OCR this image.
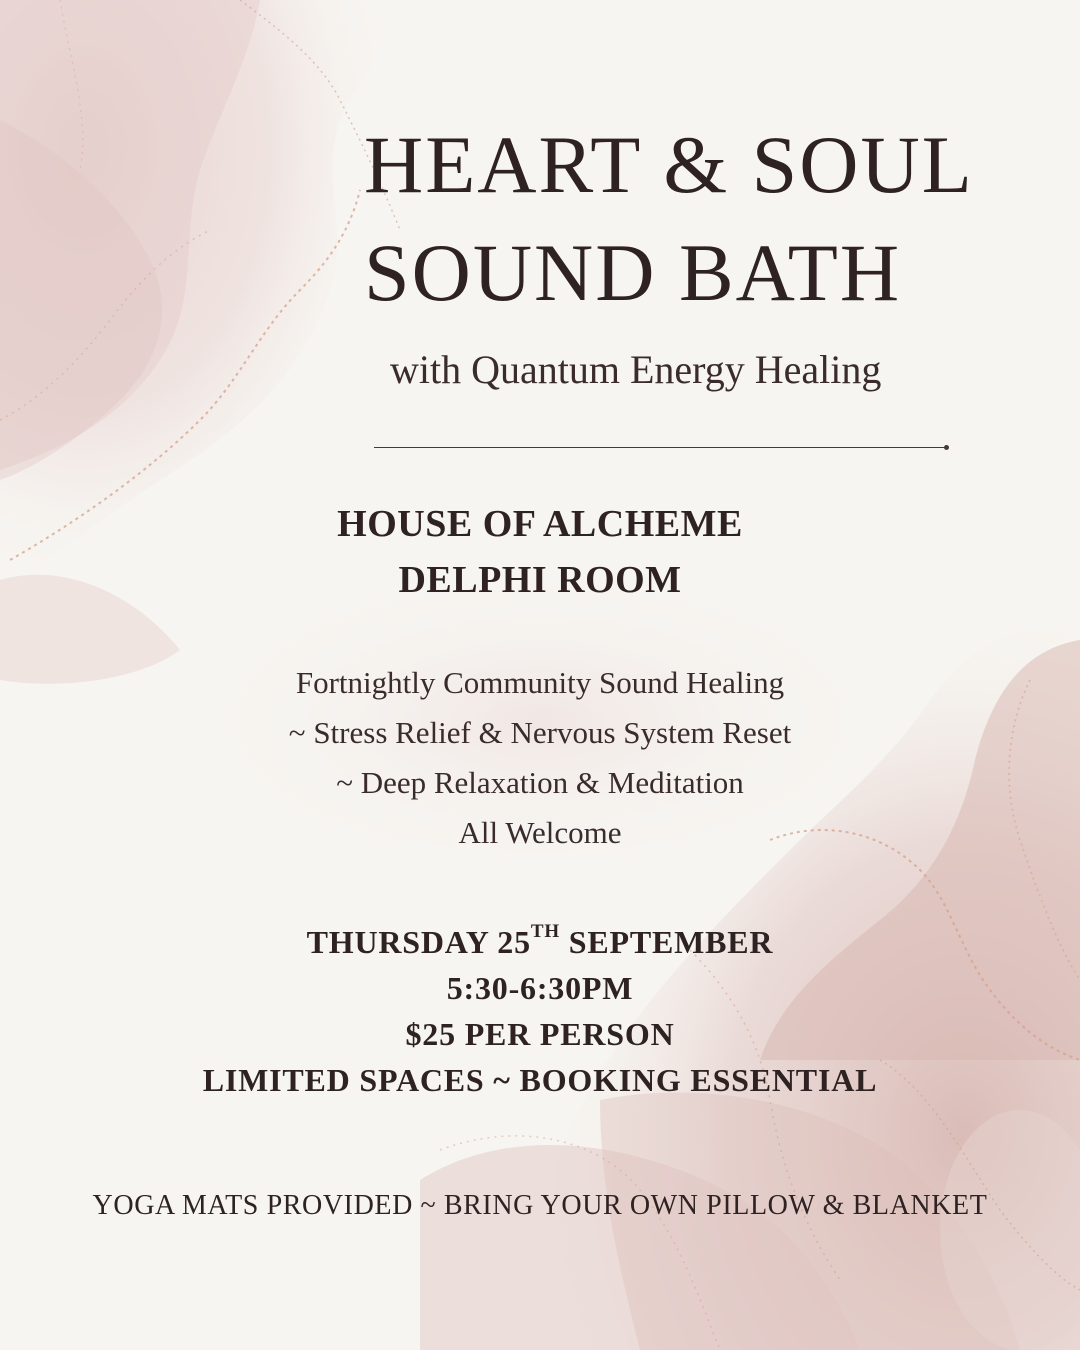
HEART & SOUL
SOUND BATH
with Quantum Energy Healing
HOUSE OF ALCHEME
DELPHI ROOM
Fortnightly Community Sound Healing
~ Stress Relief & Nervous System Reset
~ Deep Relaxation & Meditation
All Welcome
THURSDAY 25TH SEPTEMBER
5:30-6:30PM
$25 PER PERSON
LIMITED SPACES ~ BOOKING ESSENTIAL
YOGA MATS PROVIDED ~ BRING YOUR OWN PILLOW & BLANKET
